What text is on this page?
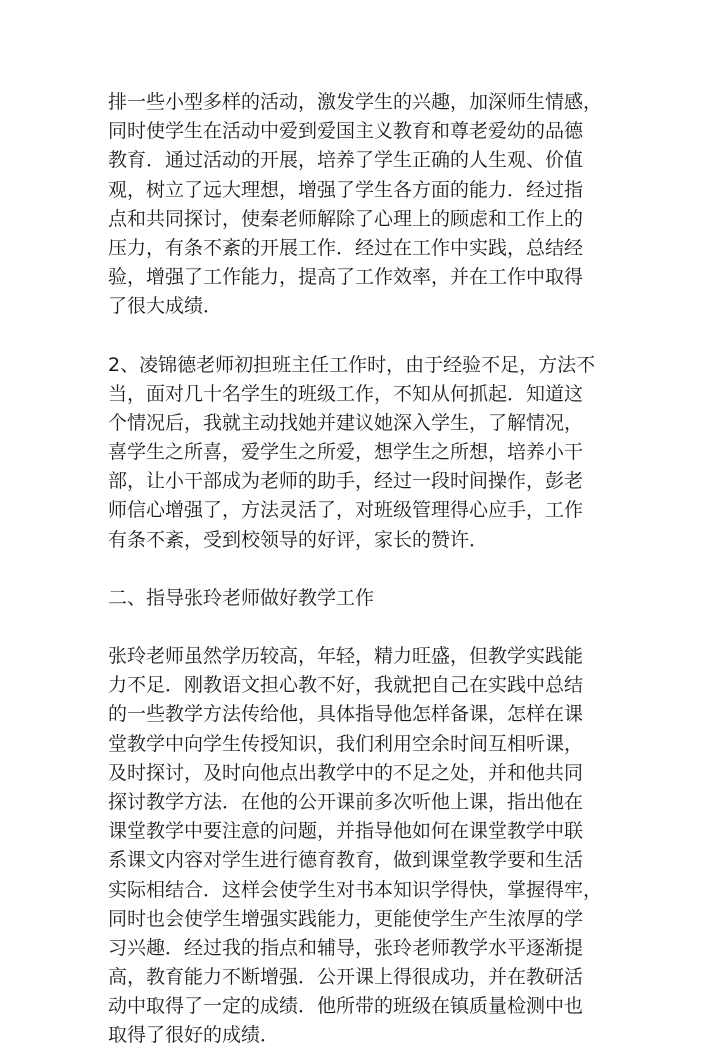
排一些小型多样的活动，激发学生的兴趣，加深师生情感，
同时使学生在活动中爱到爱国主义教育和尊老爱幼的品德
教育．通过活动的开展，培养了学生正确的人生观、价值
观，树立了远大理想，增强了学生各方面的能力．经过指
点和共同探讨，使秦老师解除了心理上的顾虑和工作上的
压力，有条不紊的开展工作．经过在工作中实践，总结经
验，增强了工作能力，提高了工作效率，并在工作中取得
了很大成绩．
2、凌锦德老师初担班主任工作时，由于经验不足，方法不
当，面对几十名学生的班级工作，不知从何抓起．知道这
个情况后，我就主动找她并建议她深入学生，了解情况，
喜学生之所喜，爱学生之所爱，想学生之所想，培养小干
部，让小干部成为老师的助手，经过一段时间操作，彭老
师信心增强了，方法灵活了，对班级管理得心应手，工作
有条不紊，受到校领导的好评，家长的赞许．
二、指导张玲老师做好教学工作
张玲老师虽然学历较高，年轻，精力旺盛，但教学实践能
力不足．刚教语文担心教不好，我就把自己在实践中总结
的一些教学方法传给他，具体指导他怎样备课，怎样在课
堂教学中向学生传授知识，我们利用空余时间互相听课，
及时探讨，及时向他点出教学中的不足之处，并和他共同
探讨教学方法．在他的公开课前多次听他上课，指出他在
课堂教学中要注意的问题，并指导他如何在课堂教学中联
系课文内容对学生进行德育教育，做到课堂教学要和生活
实际相结合．这样会使学生对书本知识学得快，掌握得牢，
同时也会使学生增强实践能力，更能使学生产生浓厚的学
习兴趣．经过我的指点和辅导，张玲老师教学水平逐渐提
高，教育能力不断增强．公开课上得很成功，并在教研活
动中取得了一定的成绩．他所带的班级在镇质量检测中也
取得了很好的成绩．
